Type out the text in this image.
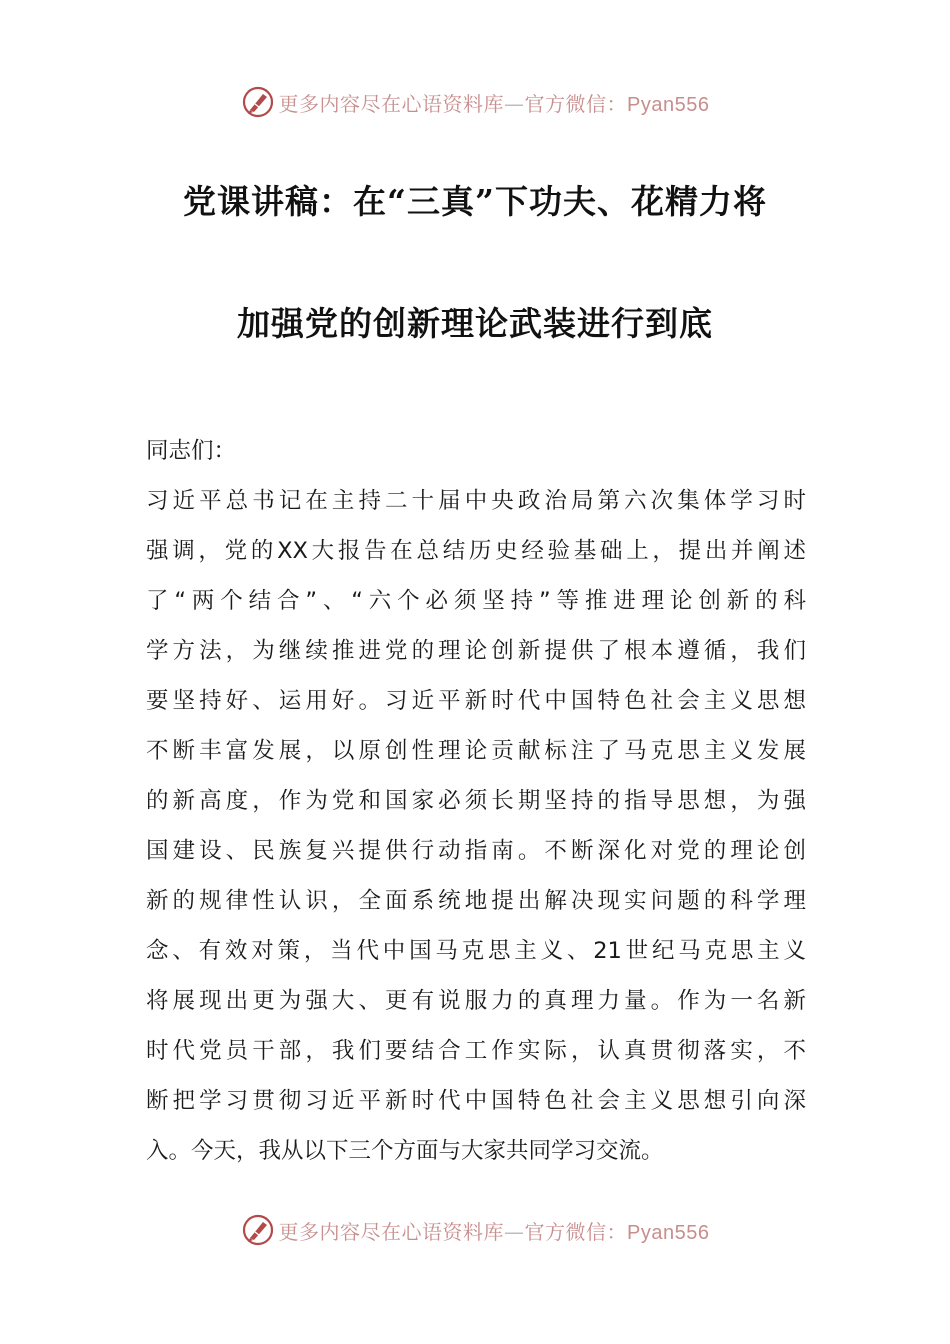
更多内容尽在心语资料库—官方微信：Pyan556
党课讲稿：在“三真”下功夫、花精力将
加强党的创新理论武装进行到底
同志们：
习近平总书记在主持二十届中央政治局第六次集体学习时
强调，党的XX大报告在总结历史经验基础上，提出并阐述
了“两个结合”、“六个必须坚持”等推进理论创新的科
学方法，为继续推进党的理论创新提供了根本遵循，我们
要坚持好、运用好。习近平新时代中国特色社会主义思想
不断丰富发展，以原创性理论贡献标注了马克思主义发展
的新高度，作为党和国家必须长期坚持的指导思想，为强
国建设、民族复兴提供行动指南。不断深化对党的理论创
新的规律性认识，全面系统地提出解决现实问题的科学理
念、有效对策，当代中国马克思主义、21世纪马克思主义
将展现出更为强大、更有说服力的真理力量。作为一名新
时代党员干部，我们要结合工作实际，认真贯彻落实，不
断把学习贯彻习近平新时代中国特色社会主义思想引向深
入。今天，我从以下三个方面与大家共同学习交流。
更多内容尽在心语资料库—官方微信：Pyan556
